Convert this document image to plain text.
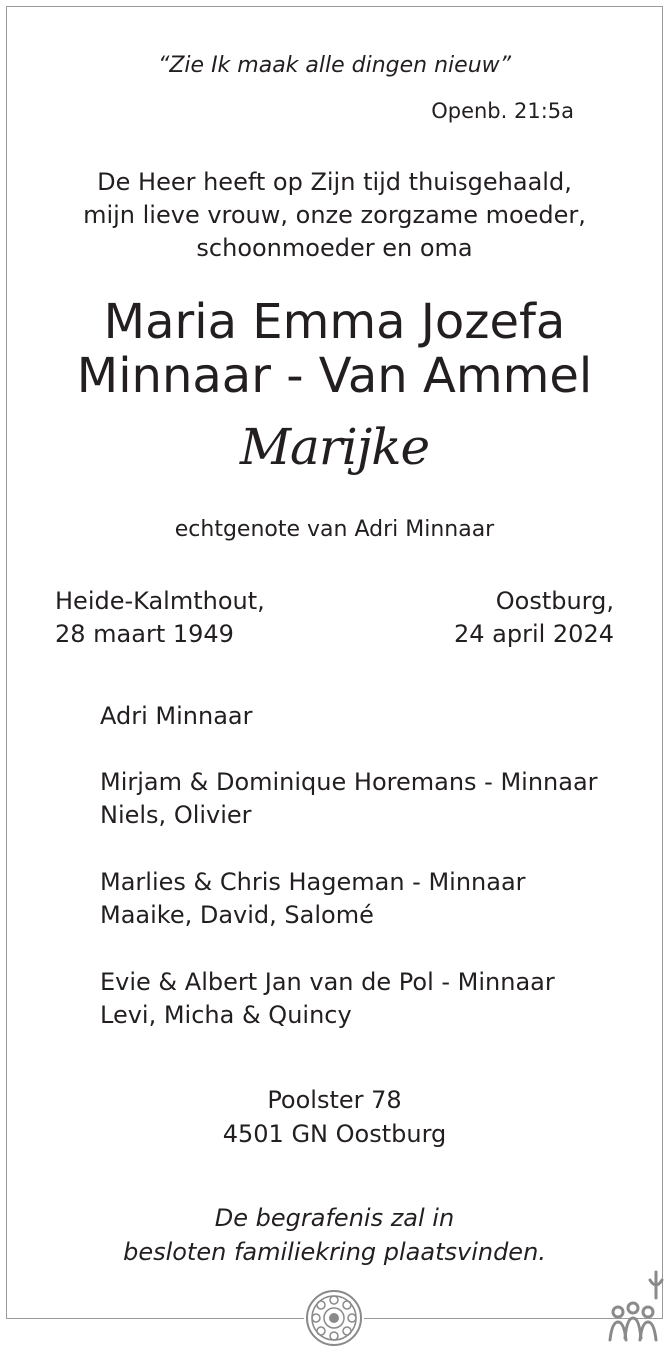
“Zie Ik maak alle dingen nieuw”
Openb. 21:5a
De Heer heeft op Zijn tijd thuisgehaald,
mijn lieve vrouw, onze zorgzame moeder,
schoonmoeder en oma
Maria Emma Jozefa
Minnaar - Van Ammel
Marijke
echtgenote van Adri Minnaar
Heide-Kalmthout,
28 maart 1949
Oostburg,
24 april 2024
Adri Minnaar
Mirjam & Dominique Horemans - Minnaar
Niels, Olivier
Marlies & Chris Hageman - Minnaar
Maaike, David, Salomé
Evie & Albert Jan van de Pol - Minnaar
Levi, Micha & Quincy
Poolster 78
4501 GN Oostburg
De begrafenis zal in
besloten familiekring plaatsvinden.
